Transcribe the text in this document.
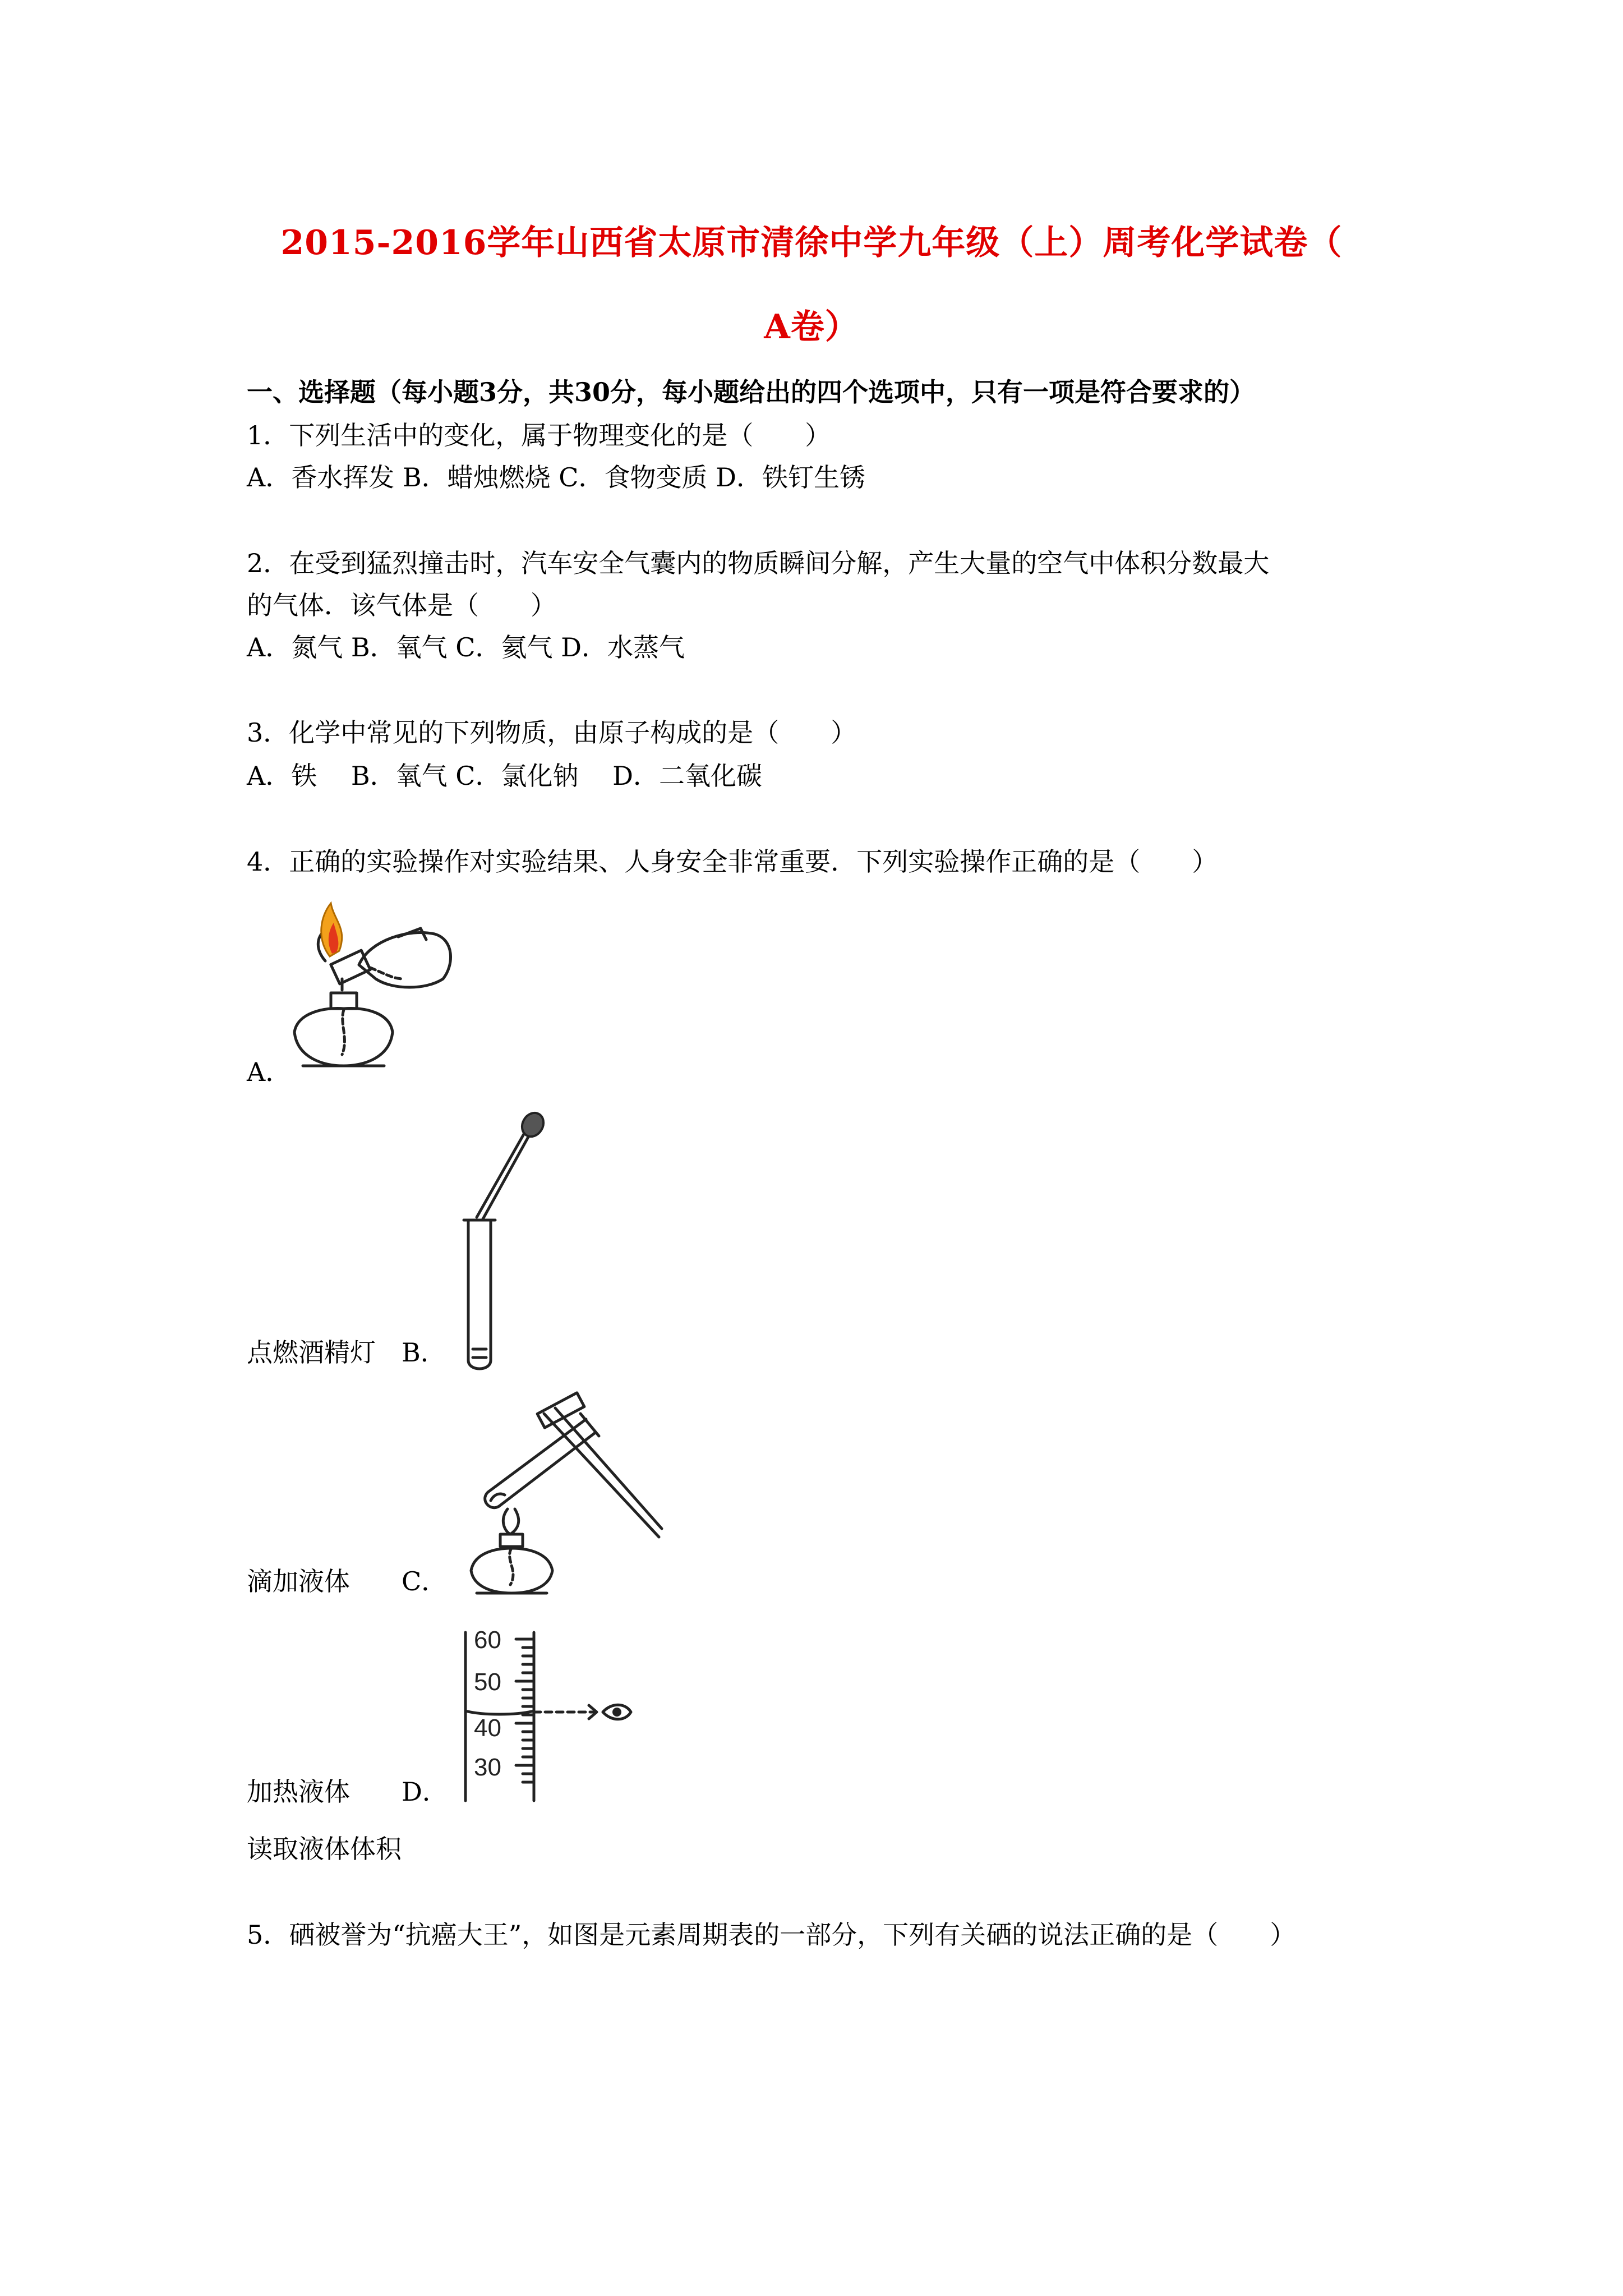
2015-2016学年山西省太原市清徐中学九年级（上）周考化学试卷（
A卷）
一、选择题（每小题3分，共30分，每小题给出的四个选项中，只有一项是符合要求的）
1．下列生活中的变化，属于物理变化的是（　　）
A．香水挥发 B．蜡烛燃烧 C．食物变质 D．铁钉生锈
2．在受到猛烈撞击时，汽车安全气囊内的物质瞬间分解，产生大量的空气中体积分数最大
的气体．该气体是（　　）
A．氮气 B．氧气 C．氦气 D．水蒸气
3．化学中常见的下列物质，由原子构成的是（　　）
A．铁　 B．氧气 C．氯化钠　 D．二氧化碳
4．正确的实验操作对实验结果、人身安全非常重要．下列实验操作正确的是（　　）
A．
点燃酒精灯　B．
滴加液体　　C．
60
50
40
30
加热液体　　D．
读取液体体积
5．硒被誉为“抗癌大王”，如图是元素周期表的一部分，下列有关硒的说法正确的是（　　）
